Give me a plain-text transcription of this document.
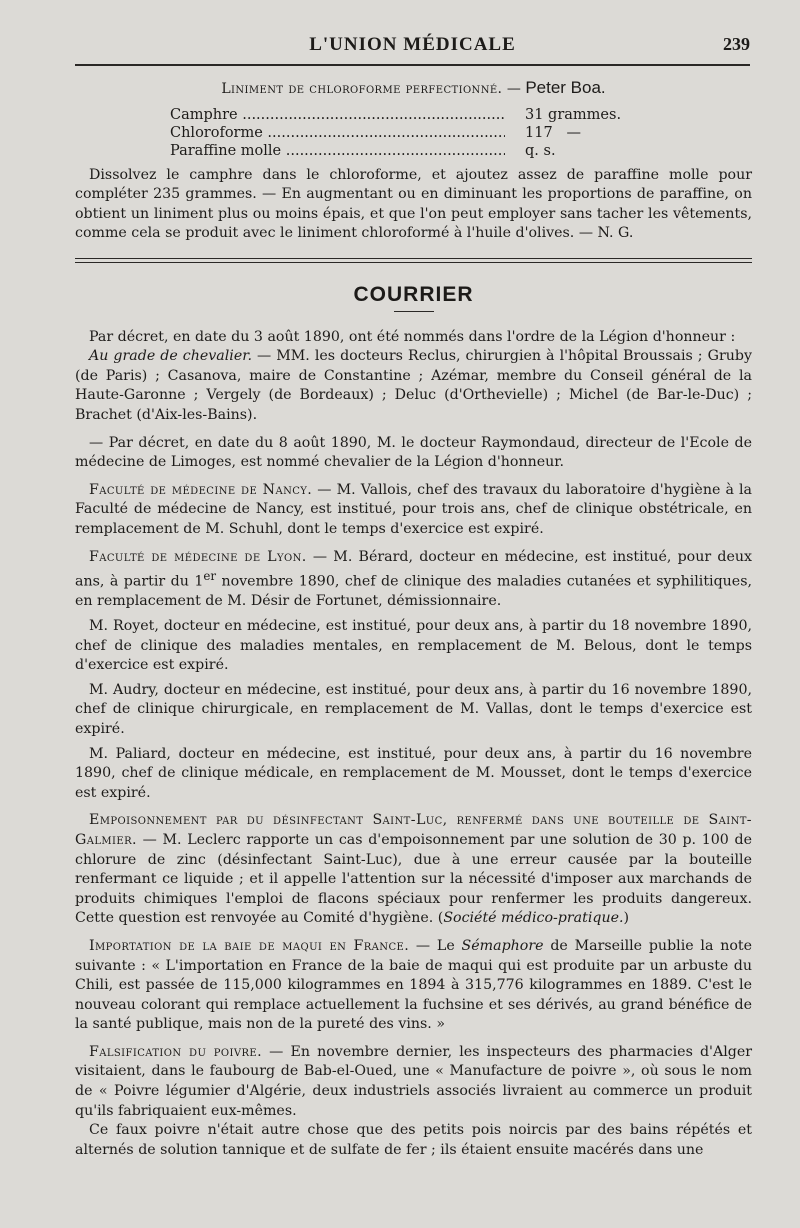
L'UNION MÉDICALE	239
Liniment de chloroforme perfectionné. — Peter Boa.
Camphre .....	31 grammes.
Chloroforme .....	117   —
Paraffine molle .....	q. s.

Dissolvez le camphre dans le chloroforme, et ajoutez assez de paraffine molle pour compléter 235 grammes. — En augmentant ou en diminuant les proportions de paraffine, on obtient un liniment plus ou moins épais, et que l'on peut employer sans tacher les vêtements, comme cela se produit avec le liniment chloroformé à l'huile d'olives. — N. G.

COURRIER

Par décret, en date du 3 août 1890, ont été nommés dans l'ordre de la Légion d'honneur :

Au grade de chevalier. — MM. les docteurs Reclus, chirurgien à l'hôpital Broussais ; Gruby (de Paris) ; Casanova, maire de Constantine ; Azémar, membre du Conseil général de la Haute-Garonne ; Vergely (de Bordeaux) ; Deluc (d'Orthevielle) ; Michel (de Bar-le-Duc) ; Brachet (d'Aix-les-Bains).

— Par décret, en date du 8 août 1890, M. le docteur Raymondaud, directeur de l'Ecole de médecine de Limoges, est nommé chevalier de la Légion d'honneur.

Faculté de médecine de Nancy. — M. Vallois, chef des travaux du laboratoire d'hygiène à la Faculté de médecine de Nancy, est institué, pour trois ans, chef de clinique obstétricale, en remplacement de M. Schuhl, dont le temps d'exercice est expiré.

Faculté de médecine de Lyon. — M. Bérard, docteur en médecine, est institué, pour deux ans, à partir du 1er novembre 1890, chef de clinique des maladies cutanées et syphilitiques, en remplacement de M. Désir de Fortunet, démissionnaire.

M. Royet, docteur en médecine, est institué, pour deux ans, à partir du 18 novembre 1890, chef de clinique des maladies mentales, en remplacement de M. Belous, dont le temps d'exercice est expiré.

M. Audry, docteur en médecine, est institué, pour deux ans, à partir du 16 novembre 1890, chef de clinique chirurgicale, en remplacement de M. Vallas, dont le temps d'exercice est expiré.

M. Paliard, docteur en médecine, est institué, pour deux ans, à partir du 16 novembre 1890, chef de clinique médicale, en remplacement de M. Mousset, dont le temps d'exercice est expiré.

Empoisonnement par du désinfectant Saint-Luc, renfermé dans une bouteille de Saint-Galmier. — M. Leclerc rapporte un cas d'empoisonnement par une solution de 30 p. 100 de chlorure de zinc (désinfectant Saint-Luc), due à une erreur causée par la bouteille renfermant ce liquide ; et il appelle l'attention sur la nécessité d'imposer aux marchands de produits chimiques l'emploi de flacons spéciaux pour renfermer les produits dangereux. Cette question est renvoyée au Comité d'hygiène. (Société médico-pratique.)

Importation de la baie de maqui en France. — Le Sémaphore de Marseille publie la note suivante : « L'importation en France de la baie de maqui qui est produite par un arbuste du Chili, est passée de 115,000 kilogrammes en 1894 à 315,776 kilogrammes en 1889. C'est le nouveau colorant qui remplace actuellement la fuchsine et ses dérivés, au grand bénéfice de la santé publique, mais non de la pureté des vins. »

Falsification du poivre. — En novembre dernier, les inspecteurs des pharmacies d'Alger visitaient, dans le faubourg de Bab-el-Oued, une « Manufacture de poivre », où sous le nom de « Poivre légumier d'Algérie, deux industriels associés livraient au commerce un produit qu'ils fabriquaient eux-mêmes.

Ce faux poivre n'était autre chose que des petits pois noircis par des bains répétés et alternés de solution tannique et de sulfate de fer ; ils étaient ensuite macérés dans une
